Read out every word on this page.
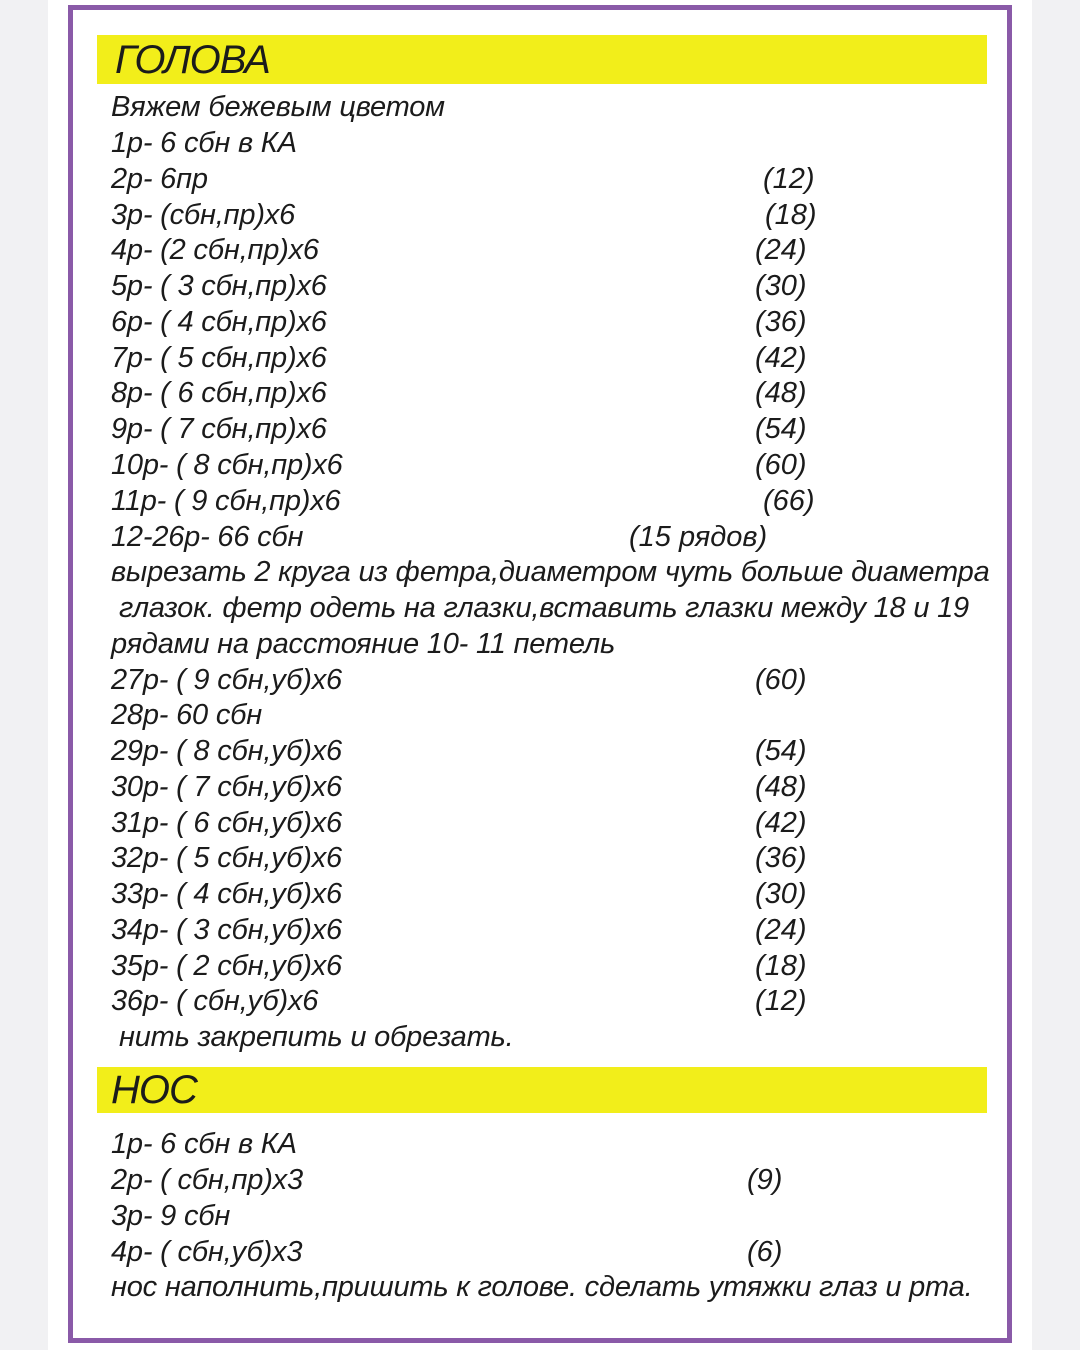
ГОЛОВА
Вяжем бежевым цветом
1р- 6 сбн в КА
2р- 6пр	(12)
3р- (сбн,пр)х6	(18)
4р- (2 сбн,пр)х6	(24)
5р- ( 3 сбн,пр)х6	(30)
6р- ( 4 сбн,пр)х6	(36)
7р- ( 5 сбн,пр)х6	(42)
8р- ( 6 сбн,пр)х6	(48)
9р- ( 7 сбн,пр)х6	(54)
10р- ( 8 сбн,пр)х6	(60)
11р- ( 9 сбн,пр)х6	(66)
12-26р- 66 сбн	(15 рядов)
вырезать 2 круга из фетра,диаметром чуть больше диаметра
глазок. фетр одеть на глазки,вставить глазки между 18 и 19
рядами на расстояние 10- 11 петель
27р- ( 9 сбн,уб)х6	(60)
28р- 60 сбн
29р- ( 8 сбн,уб)х6	(54)
30р- ( 7 сбн,уб)х6	(48)
31р- ( 6 сбн,уб)х6	(42)
32р- ( 5 сбн,уб)х6	(36)
33р- ( 4 сбн,уб)х6	(30)
34р- ( 3 сбн,уб)х6	(24)
35р- ( 2 сбн,уб)х6	(18)
36р- ( сбн,уб)х6	(12)
нить закрепить и обрезать.
НОС
1р- 6 сбн в КА
2р- ( сбн,пр)х3	(9)
3р- 9 сбн
4р- ( сбн,уб)х3	(6)
нос наполнить,пришить к голове. сделать утяжки глаз и рта.
